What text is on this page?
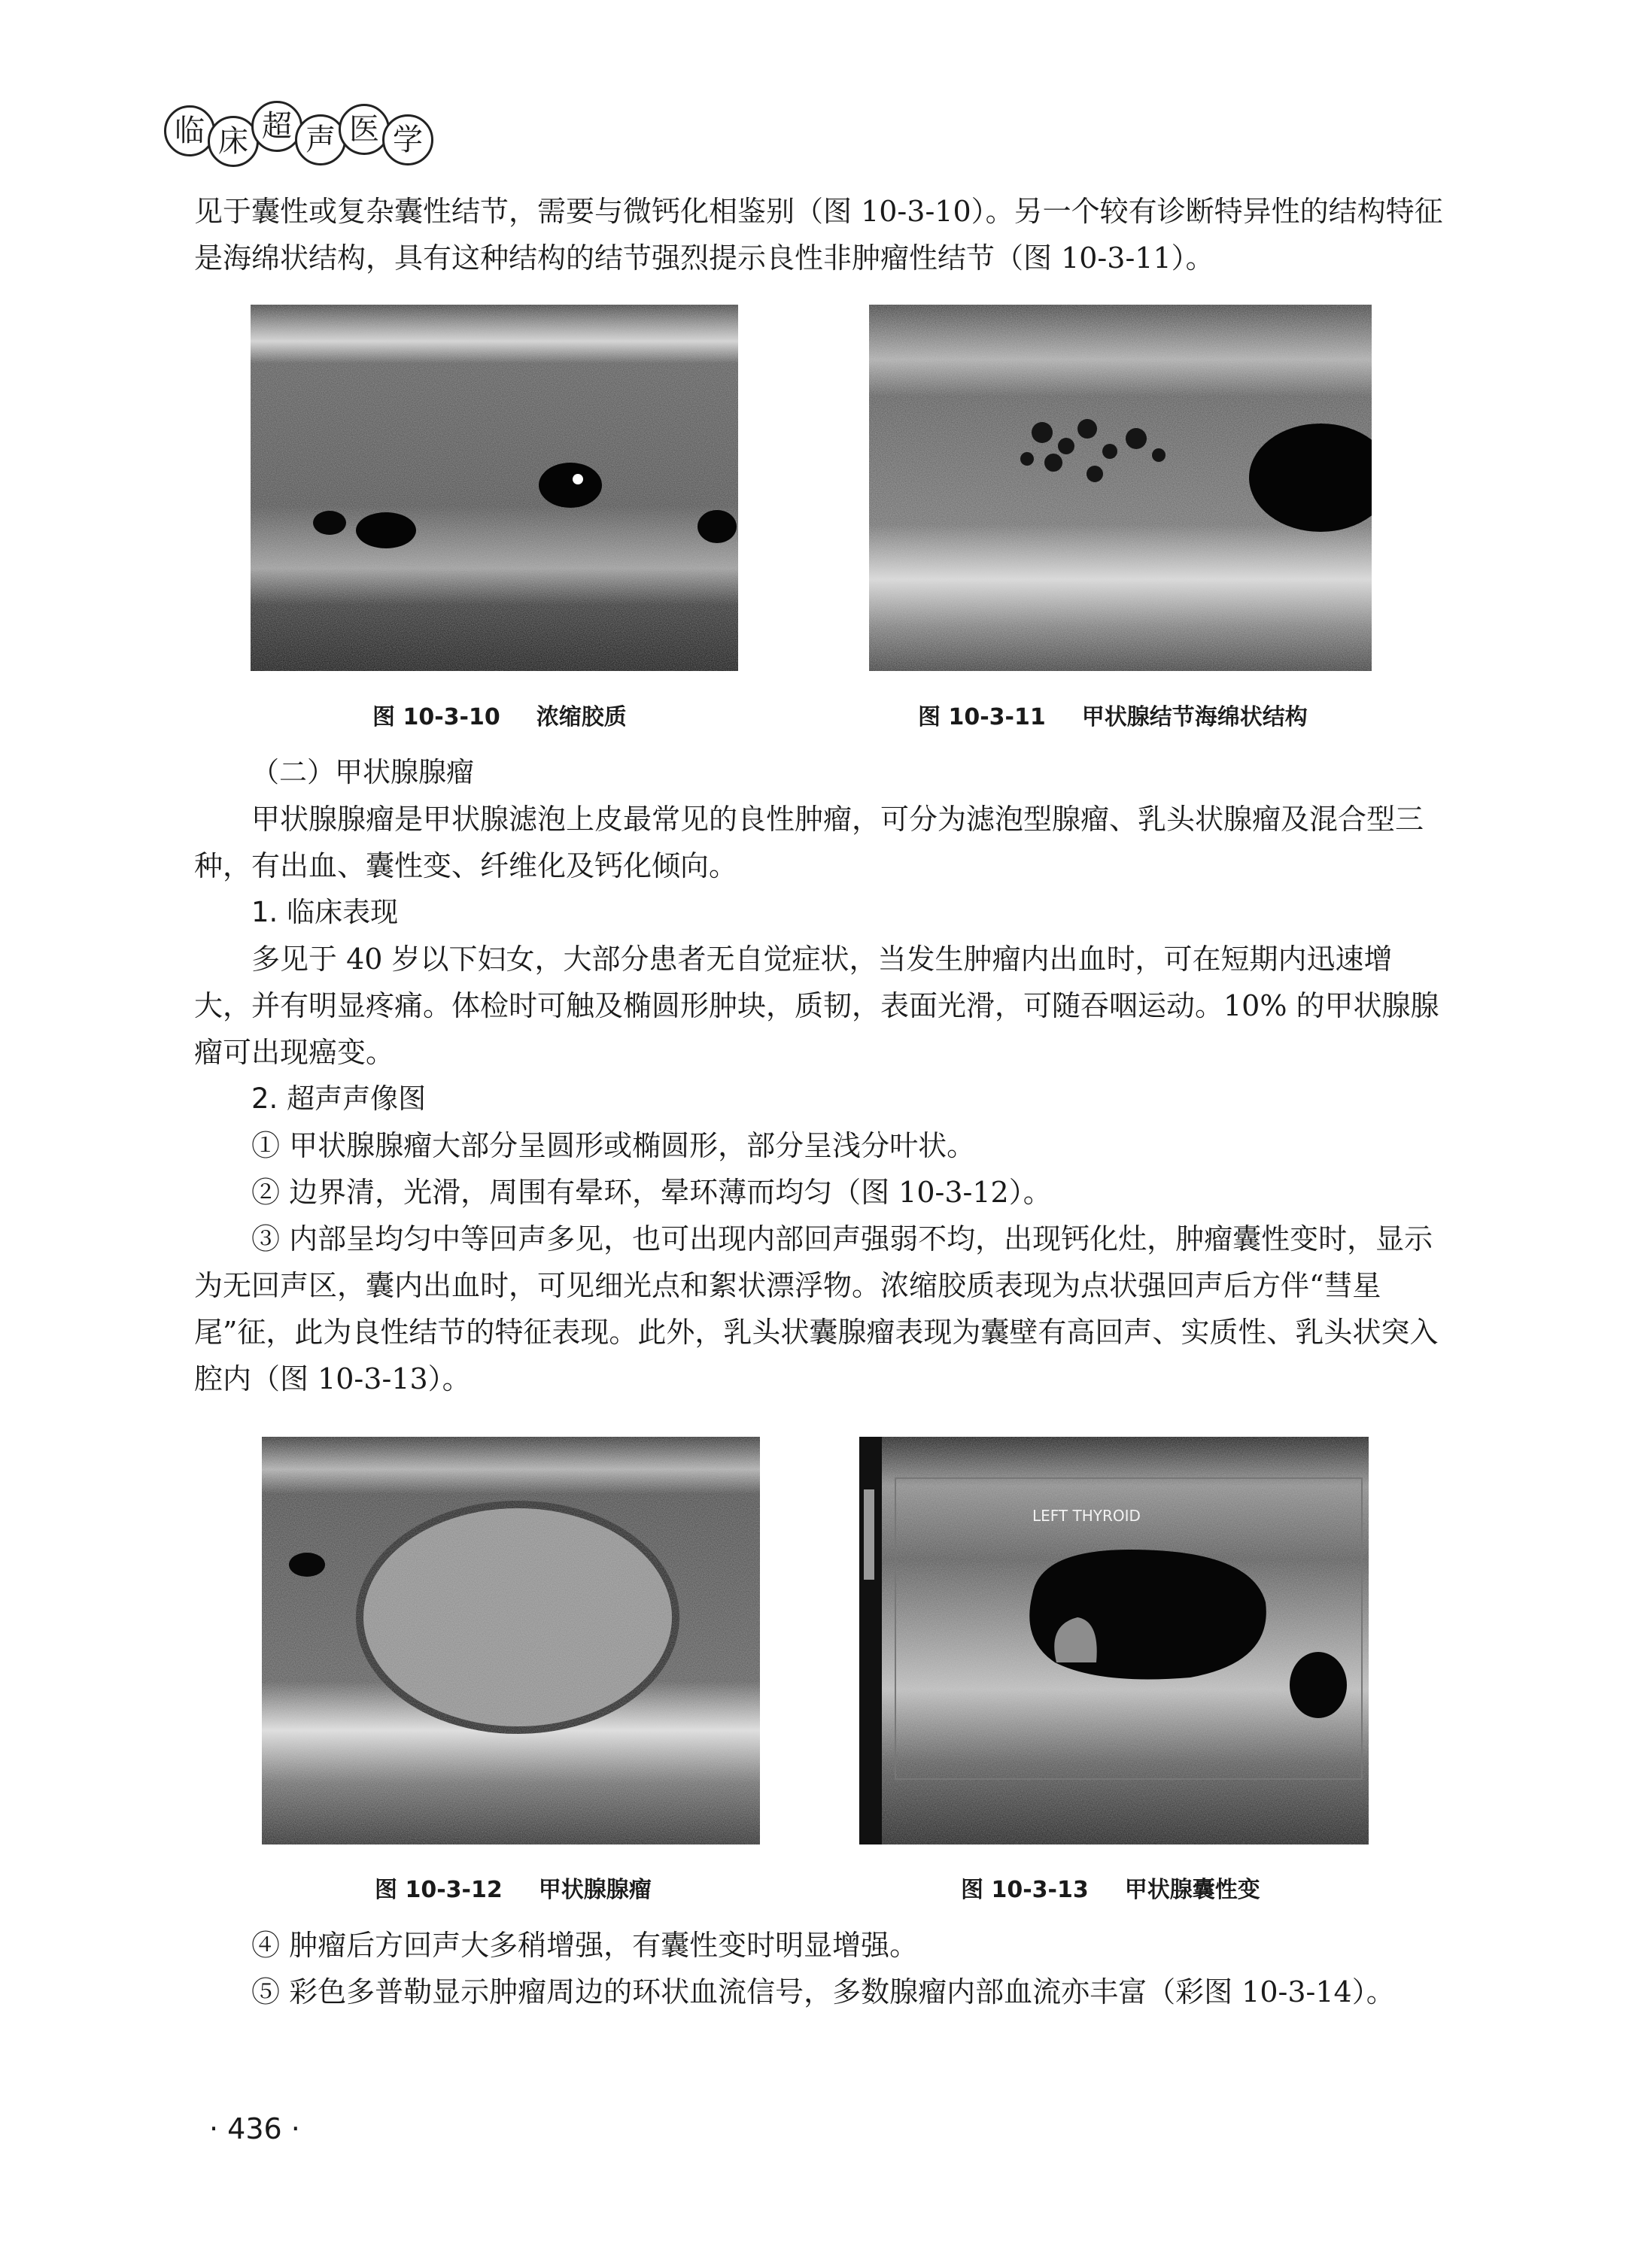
临 床 超 声 医 学

见于囊性或复杂囊性结节，需要与微钙化相鉴别（图 10-3-10）。另一个较有诊断特异性的结构特征是海绵状结构，具有这种结构的结节强烈提示良性非肿瘤性结节（图 10-3-11）。

图 10-3-10 浓缩胶质	图 10-3-11 甲状腺结节海绵状结构

（二）甲状腺腺瘤

甲状腺腺瘤是甲状腺滤泡上皮最常见的良性肿瘤，可分为滤泡型腺瘤、乳头状腺瘤及混合型三种，有出血、囊性变、纤维化及钙化倾向。

1. 临床表现

多见于 40 岁以下妇女，大部分患者无自觉症状，当发生肿瘤内出血时，可在短期内迅速增大，并有明显疼痛。体检时可触及椭圆形肿块，质韧，表面光滑，可随吞咽运动。10% 的甲状腺腺瘤可出现癌变。

2. 超声声像图

① 甲状腺腺瘤大部分呈圆形或椭圆形，部分呈浅分叶状。

② 边界清，光滑，周围有晕环，晕环薄而均匀（图 10-3-12）。

③ 内部呈均匀中等回声多见，也可出现内部回声强弱不均，出现钙化灶，肿瘤囊性变时，显示为无回声区，囊内出血时，可见细光点和絮状漂浮物。浓缩胶质表现为点状强回声后方伴“彗星尾”征，此为良性结节的特征表现。此外，乳头状囊腺瘤表现为囊壁有高回声、实质性、乳头状突入腔内（图 10-3-13）。

图 10-3-12 甲状腺腺瘤
LEFT THYROID
图 10-3-13 甲状腺囊性变

④ 肿瘤后方回声大多稍增强，有囊性变时明显增强。

⑤ 彩色多普勒显示肿瘤周边的环状血流信号，多数腺瘤内部血流亦丰富（彩图 10-3-14）。

· 436 ·
